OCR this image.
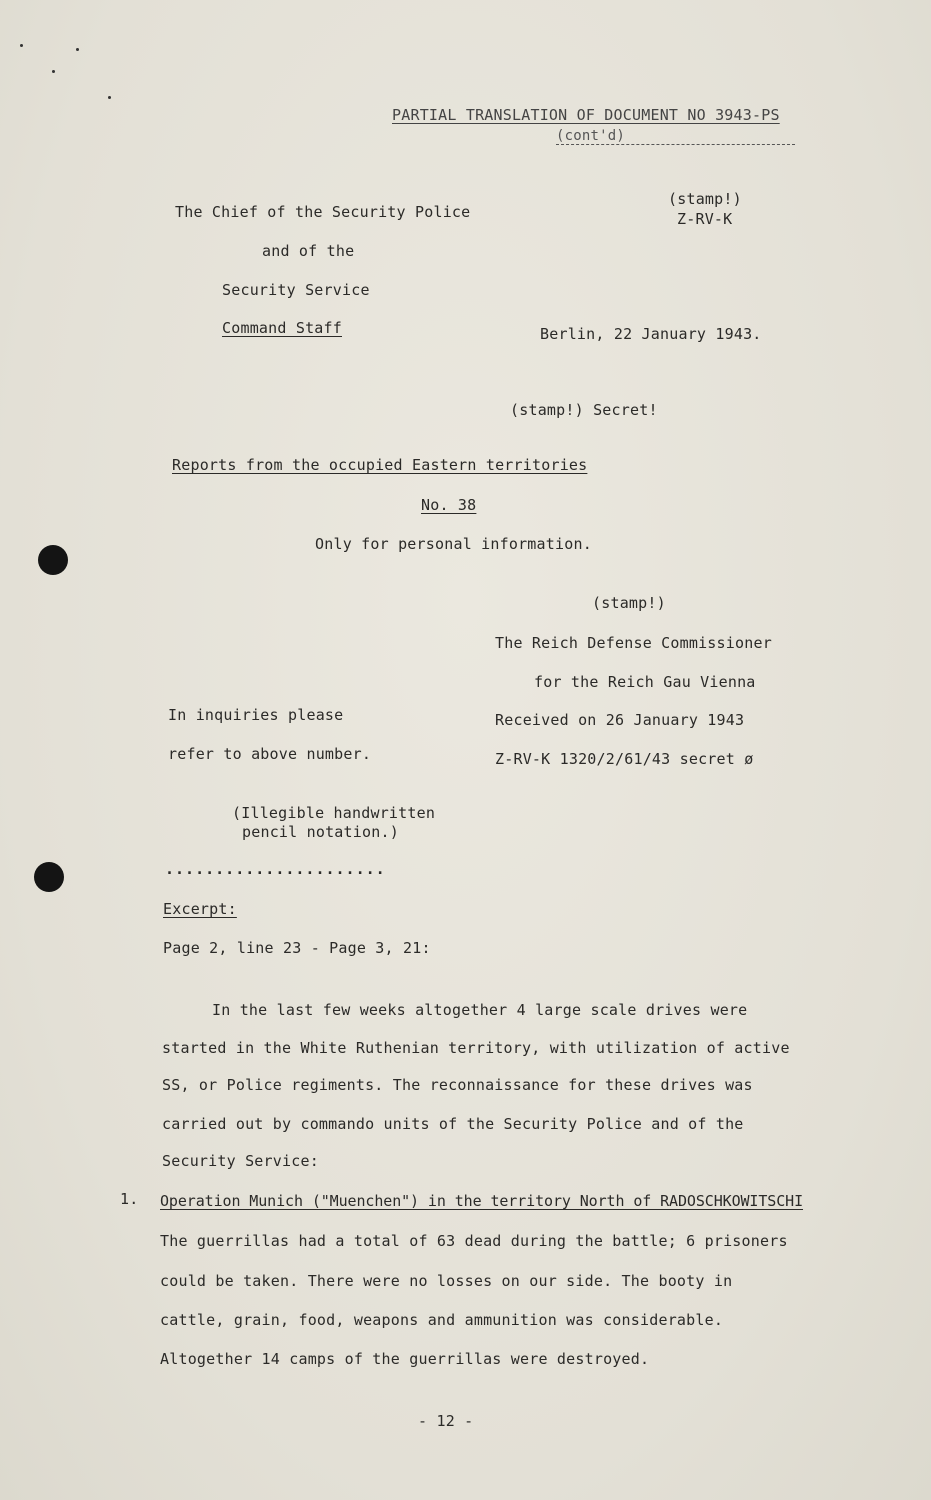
PARTIAL TRANSLATION OF DOCUMENT NO 3943-PS
(cont'd)
The Chief of the Security Police
and of the
Security Service
Command Staff
(stamp!)
Z-RV-K
Berlin, 22 January 1943.
(stamp!) Secret!
Reports from the occupied Eastern territories
No. 38
Only for personal information.
(stamp!)
The Reich Defense Commissioner
for the Reich Gau Vienna
Received on 26 January 1943
Z-RV-K 1320/2/61/43 secret ø
In inquiries please
refer to above number.
(Illegible handwritten
pencil notation.)
......................
Excerpt:
Page 2, line 23 - Page 3, 21:
In the last few weeks altogether 4 large scale drives were
started in the White Ruthenian territory, with utilization of active
SS, or Police regiments. The reconnaissance for these drives was
carried out by commando units of the Security Police and of the
Security Service:
1. Operation Munich ("Muenchen") in the territory North of RADOSCHKOWITSCHI
The guerrillas had a total of 63 dead during the battle; 6 prisoners
could be taken. There were no losses on our side. The booty in
cattle, grain, food, weapons and ammunition was considerable.
Altogether 14 camps of the guerrillas were destroyed.
- 12 -
